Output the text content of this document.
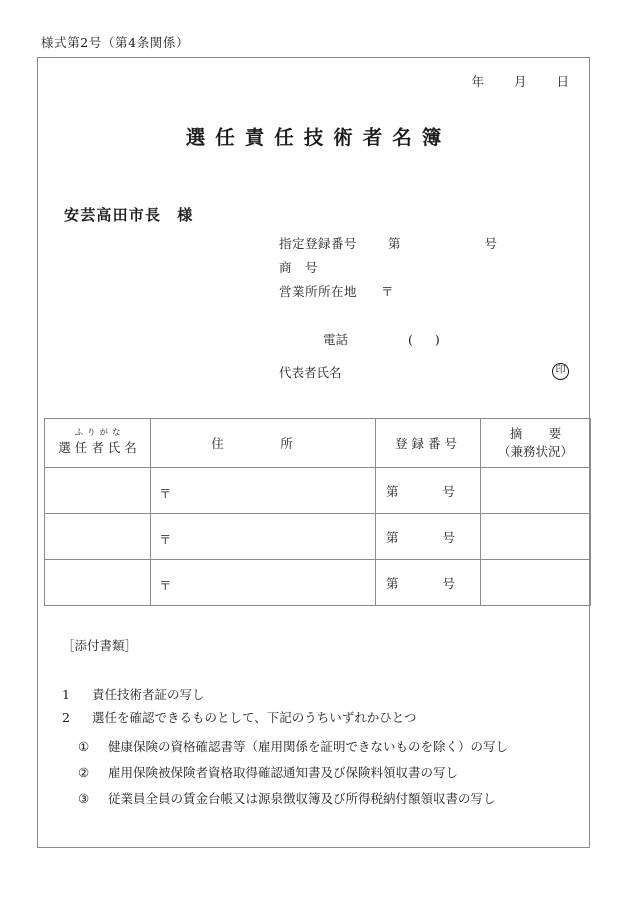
様式第2号（第4条関係）
年 月 日
選任責任技術者名簿
安芸高田市長 様
指定登録番号 第	号
商　号
営業所所在地 〒
電話	()
代表者氏名	印
ふりがな
選任者氏名	住　所	登録番号	摘　要
（兼務状況）

	〒	第 号	

	〒	第 号	

	〒	第 号	

［添付書類］
1 責任技術者証の写し
2 選任を確認できるものとして、下記のうちいずれかひとつ
① 健康保険の資格確認書等（雇用関係を証明できないものを除く）の写し
② 雇用保険被保険者資格取得確認通知書及び保険料領収書の写し
③ 従業員全員の賃金台帳又は源泉徴収簿及び所得税納付額領収書の写し
